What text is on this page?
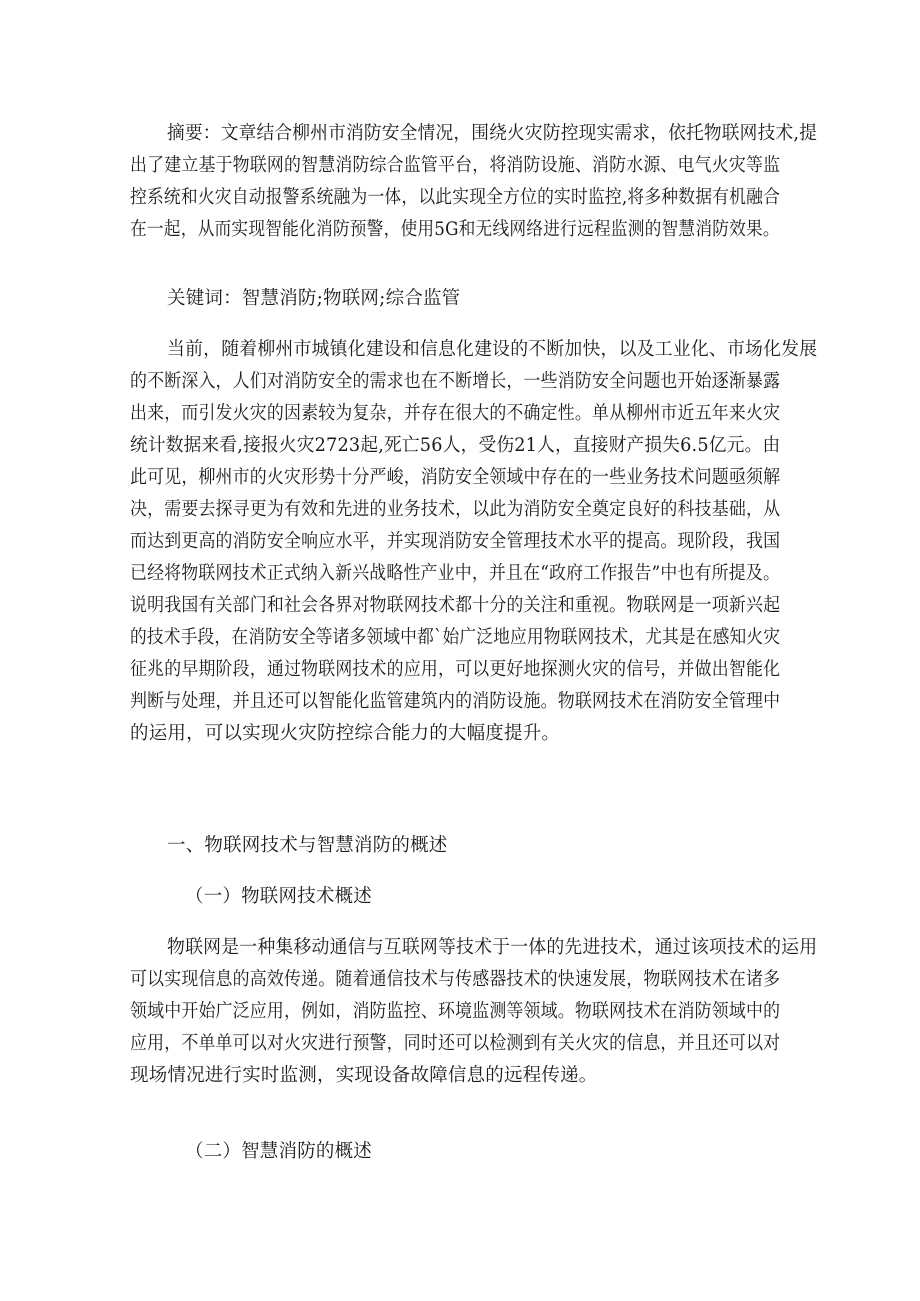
摘要：文章结合柳州市消防安全情况，围绕火灾防控现实需求，依托物联网技术,提
出了建立基于物联网的智慧消防综合监管平台，将消防设施、消防水源、电气火灾等监
控系统和火灾自动报警系统融为一体，以此实现全方位的实时监控,将多种数据有机融合
在一起，从而实现智能化消防预警，使用5G和无线网络进行远程监测的智慧消防效果。
关键词：智慧消防;物联网;综合监管
当前，随着柳州市城镇化建设和信息化建设的不断加快，以及工业化、市场化发展
的不断深入，人们对消防安全的需求也在不断增长，一些消防安全问题也开始逐渐暴露
出来，而引发火灾的因素较为复杂，并存在很大的不确定性。单从柳州市近五年来火灾
统计数据来看,接报火灾2723起,死亡56人，受伤21人，直接财产损失6.5亿元。由
此可见，柳州市的火灾形势十分严峻，消防安全领域中存在的一些业务技术问题亟须解
决，需要去探寻更为有效和先进的业务技术，以此为消防安全奠定良好的科技基础，从
而达到更高的消防安全响应水平，并实现消防安全管理技术水平的提高。现阶段，我国
已经将物联网技术正式纳入新兴战略性产业中，并且在“政府工作报告”中也有所提及。
说明我国有关部门和社会各界对物联网技术都十分的关注和重视。物联网是一项新兴起
的技术手段，在消防安全等诸多领域中都`始广泛地应用物联网技术，尤其是在感知火灾
征兆的早期阶段，通过物联网技术的应用，可以更好地探测火灾的信号，并做出智能化
判断与处理，并且还可以智能化监管建筑内的消防设施。物联网技术在消防安全管理中
的运用，可以实现火灾防控综合能力的大幅度提升。
一、物联网技术与智慧消防的概述
（一）物联网技术概述
物联网是一种集移动通信与互联网等技术于一体的先进技术，通过该项技术的运用
可以实现信息的高效传递。随着通信技术与传感器技术的快速发展，物联网技术在诸多
领域中开始广泛应用，例如，消防监控、环境监测等领域。物联网技术在消防领域中的
应用，不单单可以对火灾进行预警，同时还可以检测到有关火灾的信息，并且还可以对
现场情况进行实时监测，实现设备故障信息的远程传递。
（二）智慧消防的概述
